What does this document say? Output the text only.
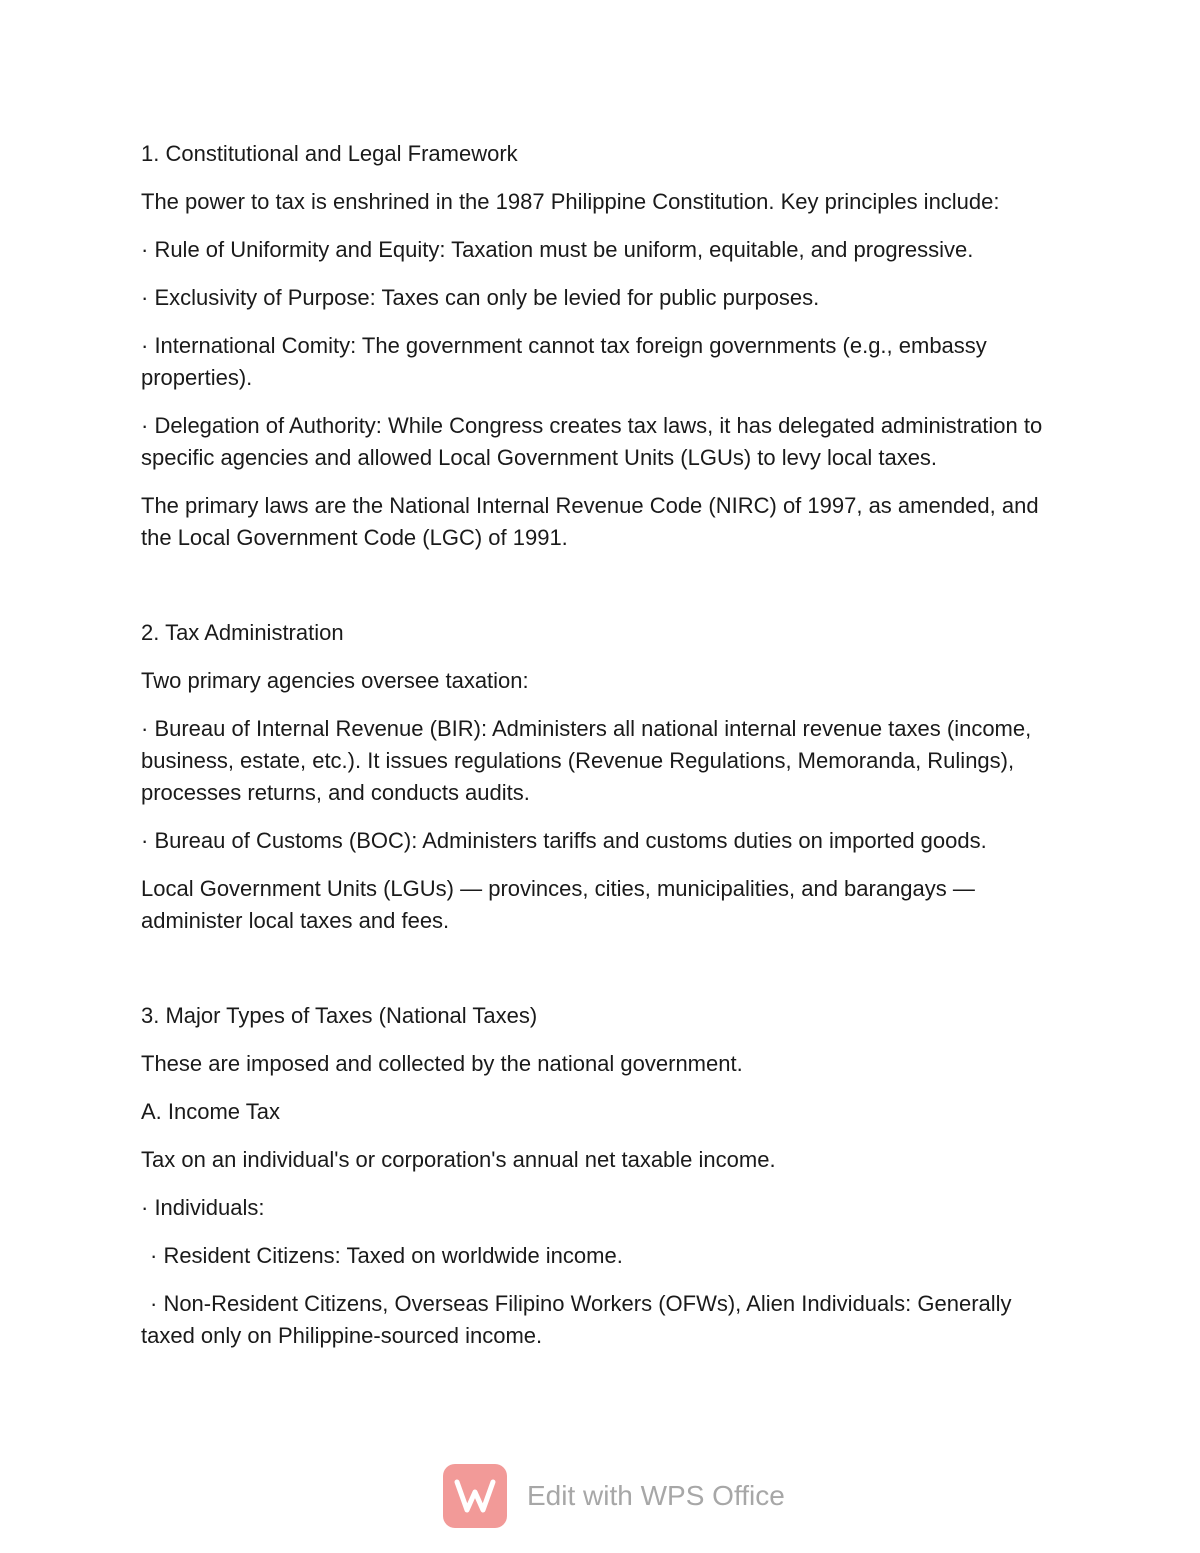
1. Constitutional and Legal Framework

The power to tax is enshrined in the 1987 Philippine Constitution. Key principles include:

· Rule of Uniformity and Equity: Taxation must be uniform, equitable, and progressive.

· Exclusivity of Purpose: Taxes can only be levied for public purposes.

· International Comity: The government cannot tax foreign governments (e.g., embassy properties).

· Delegation of Authority: While Congress creates tax laws, it has delegated administration to specific agencies and allowed Local Government Units (LGUs) to levy local taxes.

The primary laws are the National Internal Revenue Code (NIRC) of 1997, as amended, and the Local Government Code (LGC) of 1991.

2. Tax Administration

Two primary agencies oversee taxation:

· Bureau of Internal Revenue (BIR): Administers all national internal revenue taxes (income, business, estate, etc.). It issues regulations (Revenue Regulations, Memoranda, Rulings), processes returns, and conducts audits.

· Bureau of Customs (BOC): Administers tariffs and customs duties on imported goods.

Local Government Units (LGUs) — provinces, cities, municipalities, and barangays — administer local taxes and fees.

3. Major Types of Taxes (National Taxes)

These are imposed and collected by the national government.

A. Income Tax

Tax on an individual's or corporation's annual net taxable income.

· Individuals:

· Resident Citizens: Taxed on worldwide income.

· Non-Resident Citizens, Overseas Filipino Workers (OFWs), Alien Individuals: Generally taxed only on Philippine-sourced income.

Edit with WPS Office
